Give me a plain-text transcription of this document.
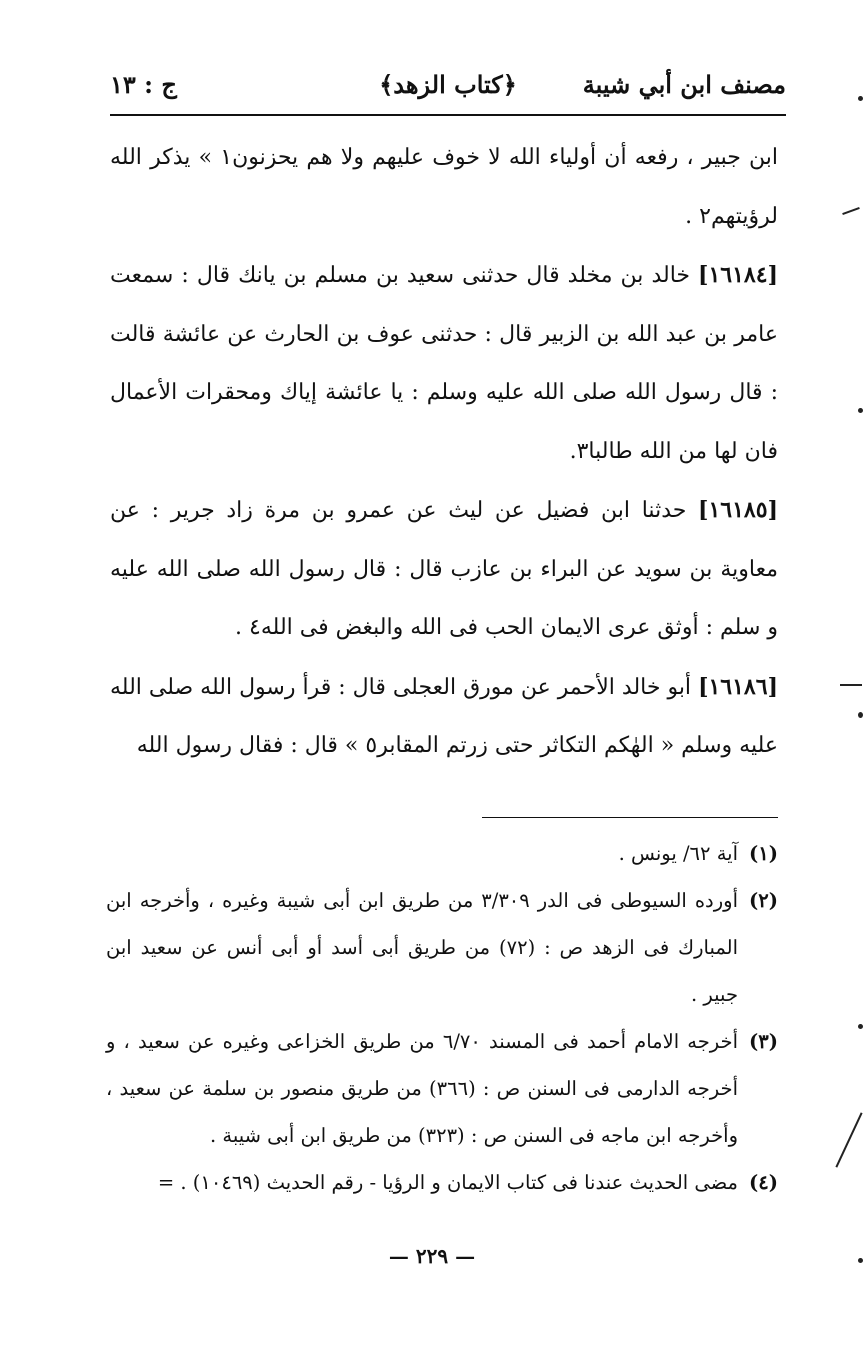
مصنف ابن أبي شيبة
﴿كتاب الزهد﴾
ج : ١٣

ابن جبير ، رفعه أن أولياء الله لا خوف عليهم ولا هم يحزنون١ » يذكر الله لرؤيتهم٢ .

[١٦١٨٤] خالد بن مخلد قال حدثنى سعيد بن مسلم بن يانك قال : سمعت عامر بن عبد الله بن الزبير قال : حدثنى عوف بن الحارث عن عائشة قالت : قال رسول الله صلى الله عليه وسلم : يا عائشة إياك ومحقرات الأعمال فان لها من الله طالبا٣.

[١٦١٨٥] حدثنا ابن فضيل عن ليث عن عمرو بن مرة زاد جرير : عن معاوية بن سويد عن البراء بن عازب قال : قال رسول الله صلى الله عليه و سلم : أوثق عرى الايمان الحب فى الله والبغض فى الله٤ .

[١٦١٨٦] أبو خالد الأحمر عن مورق العجلى قال : قرأ رسول الله صلى الله عليه وسلم « الهٰكم التكاثر حتى زرتم المقابر٥ » قال : فقال رسول الله

(١)
آية ٦٢/ يونس .

(٢)
أورده السيوطى فى الدر ٣/٣٠٩ من طريق ابن أبى شيبة وغيره ، وأخرجه ابن المبارك فى الزهد ص : (٧٢) من طريق أبى أسد أو أبى أنس عن سعيد ابن جبير .

(٣)
أخرجه الامام أحمد فى المسند ٦/٧٠ من طريق الخزاعى وغيره عن سعيد ، و أخرجه الدارمى فى السنن ص : (٣٦٦) من طريق منصور بن سلمة عن سعيد ، وأخرجه ابن ماجه فى السنن ص : (٣٢٣) من طريق ابن أبى شيبة .

(٤)
مضى الحديث عندنا فى كتاب الايمان و الرؤيا - رقم الحديث (١٠٤٦٩) . =

— ٢٢٩ —
